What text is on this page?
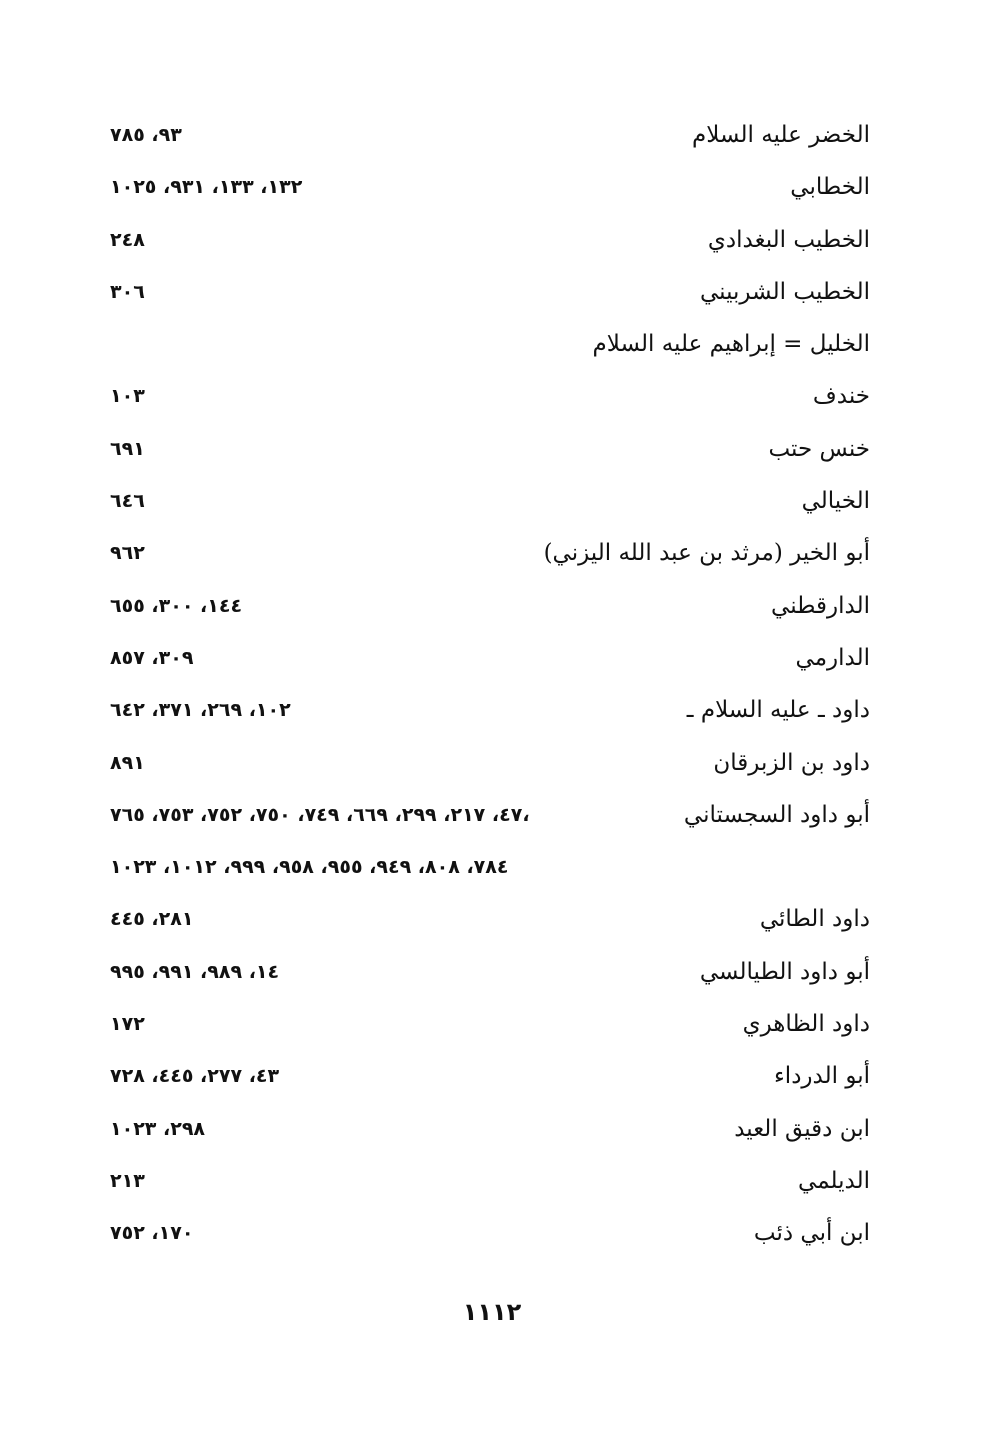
الخضر عليه السلام
٩٣، ٧٨٥
الخطابي
١٣٢، ١٣٣، ٩٣١، ١٠٢٥
الخطيب البغدادي
٢٤٨
الخطيب الشربيني
٣٠٦
الخليل = إبراهيم عليه السلام
خندف
١٠٣
خنس حتب
٦٩١
الخيالي
٦٤٦
أبو الخير (مرثد بن عبد الله اليزني)
٩٦٢
الدارقطني
١٤٤، ٣٠٠، ٦٥٥
الدارمي
٣٠٩، ٨٥٧
داود ـ عليه السلام ـ
١٠٢، ٢٦٩، ٣٧١، ٦٤٢
داود بن الزبرقان
٨٩١
أبو داود السجستاني
٤٧، ٢١٧، ٢٩٩، ٦٦٩، ٧٤٩، ٧٥٠، ٧٥٢، ٧٥٣، ٧٦٥،
٧٨٤، ٨٠٨، ٩٤٩، ٩٥٥، ٩٥٨، ٩٩٩، ١٠١٢، ١٠٢٣
داود الطائي
٢٨١، ٤٤٥
أبو داود الطيالسي
١٤، ٩٨٩، ٩٩١، ٩٩٥
داود الظاهري
١٧٢
أبو الدرداء
٤٣، ٢٧٧، ٤٤٥، ٧٢٨
ابن دقيق العيد
٢٩٨، ١٠٢٣
الديلمي
٢١٣
ابن أبي ذئب
١٧٠، ٧٥٢
١١١٢
